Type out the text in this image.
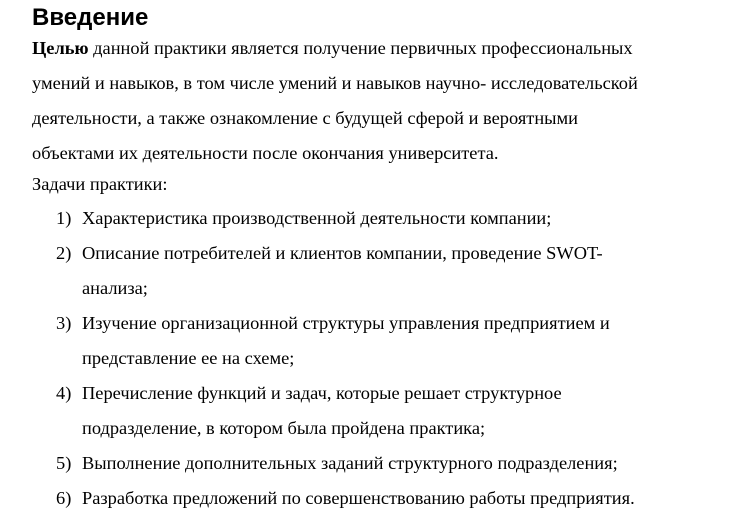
Введение
Целью данной практики является получение первичных профессиональных
умений и навыков, в том числе умений и навыков научно- исследовательской
деятельности, а также ознакомление с будущей сферой и вероятными
объектами их деятельности после окончания университета.
Задачи практики:
1) Характеристика производственной деятельности компании;
2) Описание потребителей и клиентов компании, проведение SWOT-
анализа;
3) Изучение организационной структуры управления предприятием и
представление ее на схеме;
4) Перечисление функций и задач, которые решает структурное
подразделение, в котором была пройдена практика;
5) Выполнение дополнительных заданий структурного подразделения;
6) Разработка предложений по совершенствованию работы предприятия.
